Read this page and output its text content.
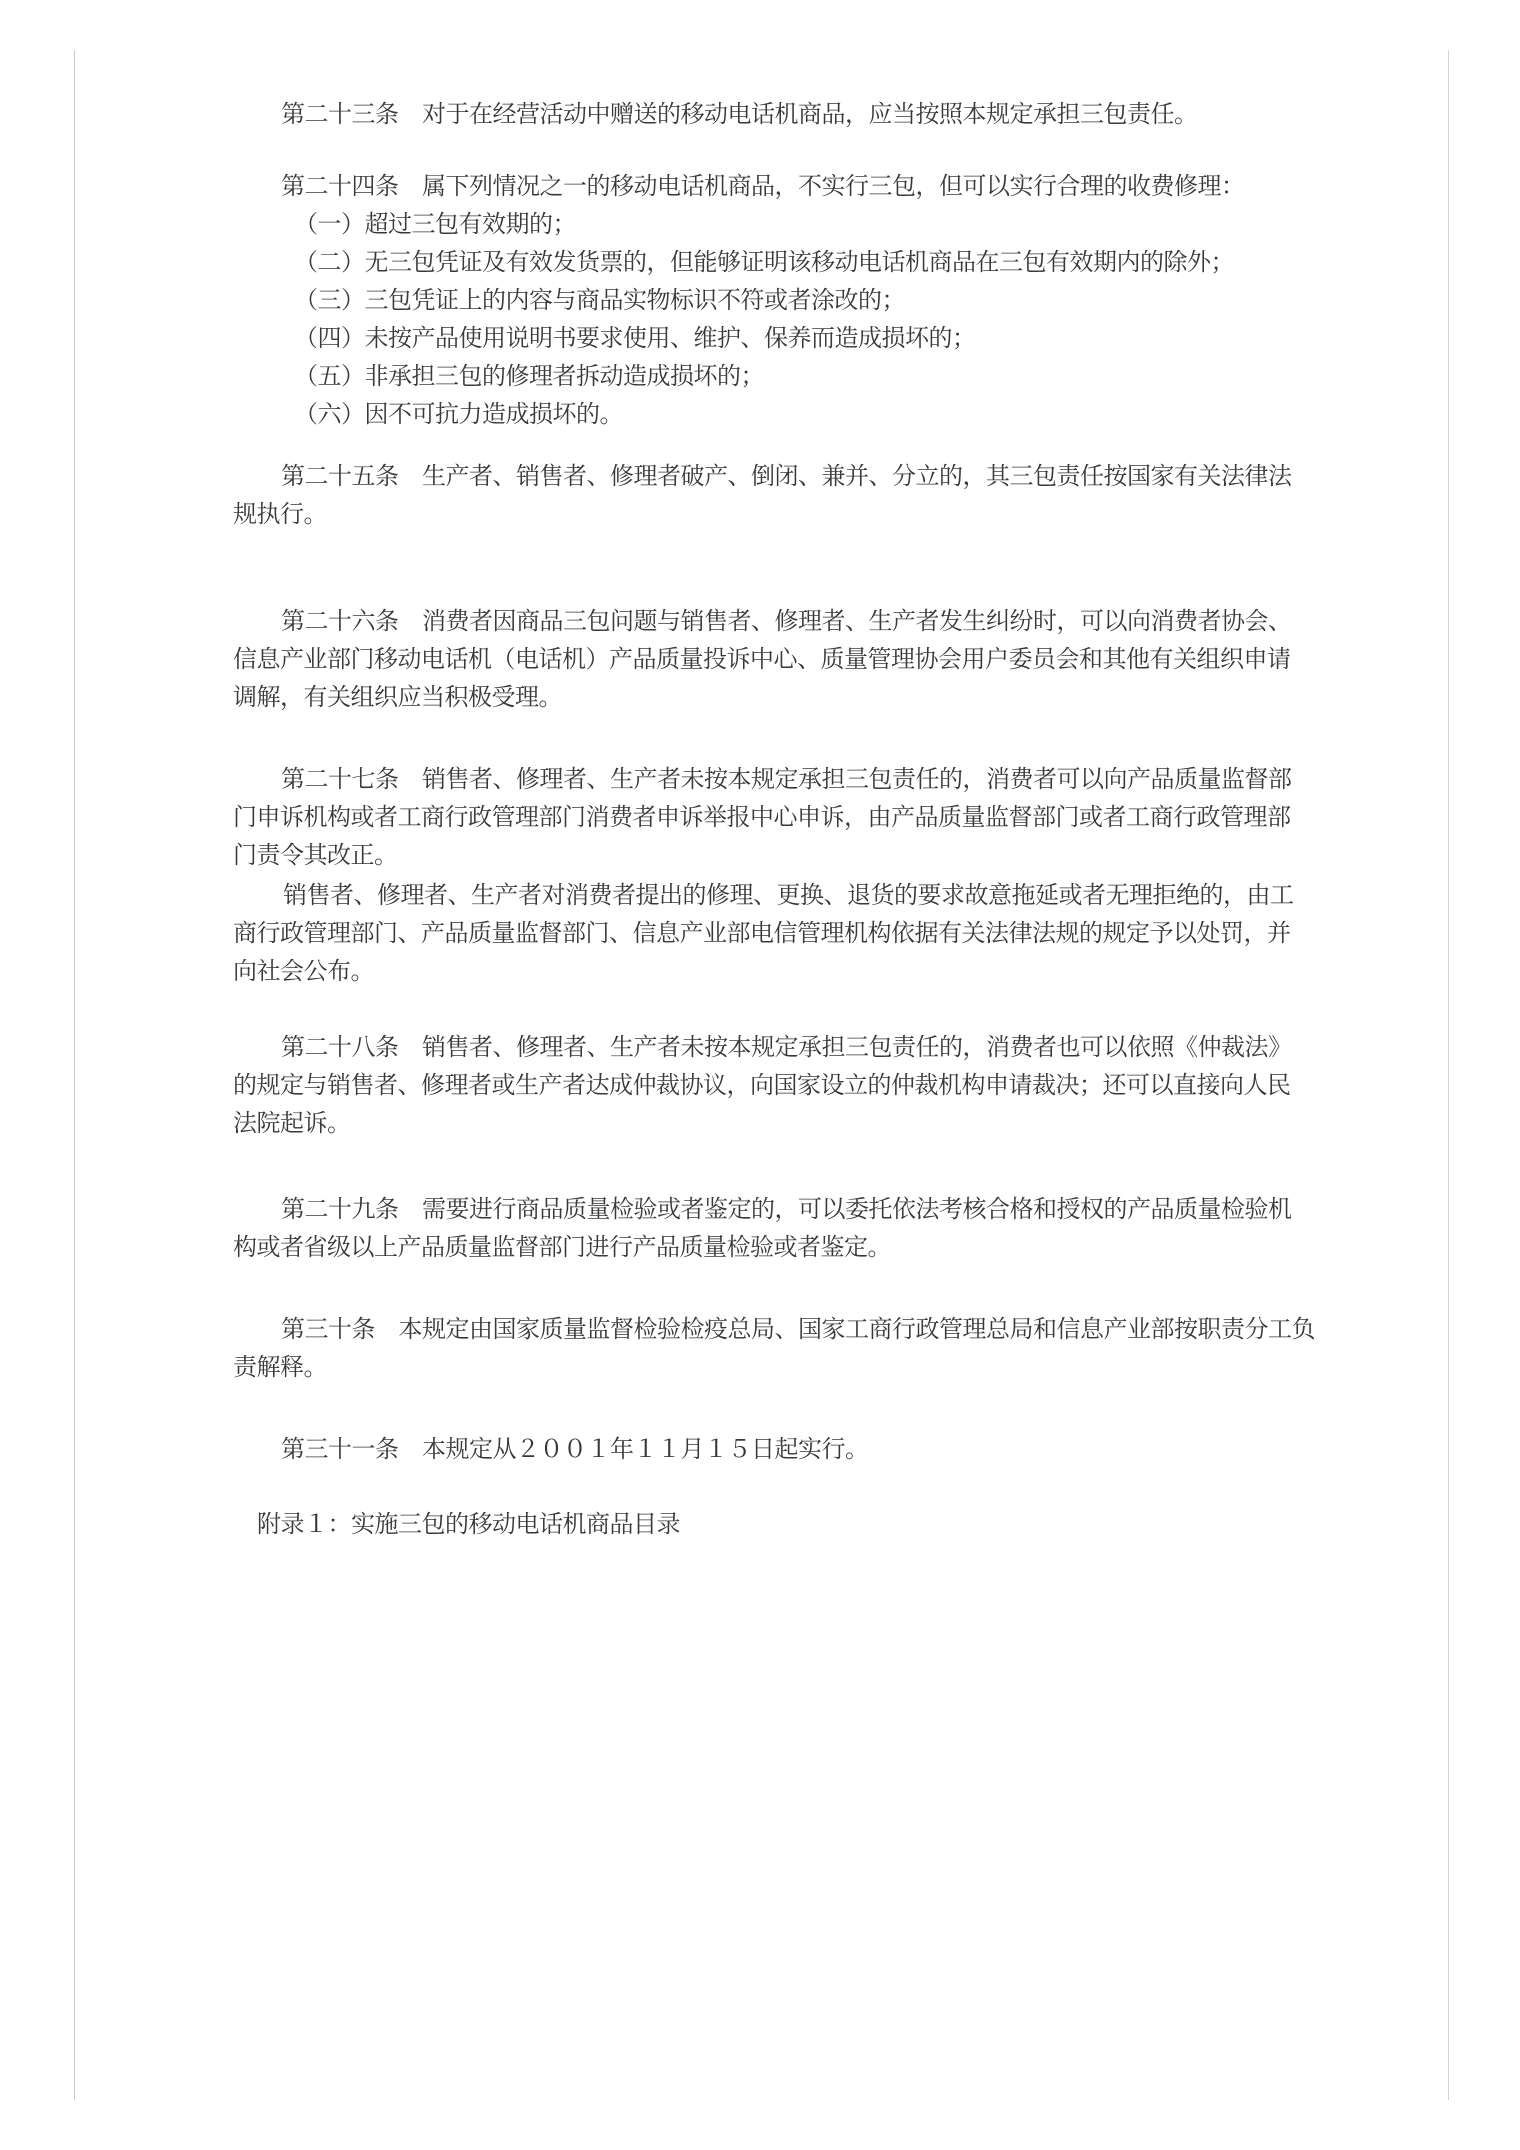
第二十三条　对于在经营活动中赠送的移动电话机商品，应当按照本规定承担三包责任。

第二十四条　属下列情况之一的移动电话机商品，不实行三包，但可以实行合理的收费修理：

（一）超过三包有效期的；

（二）无三包凭证及有效发货票的，但能够证明该移动电话机商品在三包有效期内的除外；

（三）三包凭证上的内容与商品实物标识不符或者涂改的；

（四）未按产品使用说明书要求使用、维护、保养而造成损坏的；

（五）非承担三包的修理者拆动造成损坏的；

（六）因不可抗力造成损坏的。

第二十五条　生产者、销售者、修理者破产、倒闭、兼并、分立的，其三包责任按国家有关法律法
规执行。

第二十六条　消费者因商品三包问题与销售者、修理者、生产者发生纠纷时，可以向消费者协会、
信息产业部门移动电话机（电话机）产品质量投诉中心、质量管理协会用户委员会和其他有关组织申请
调解，有关组织应当积极受理。

第二十七条　销售者、修理者、生产者未按本规定承担三包责任的，消费者可以向产品质量监督部
门申诉机构或者工商行政管理部门消费者申诉举报中心申诉，由产品质量监督部门或者工商行政管理部
门责令其改正。

销售者、修理者、生产者对消费者提出的修理、更换、退货的要求故意拖延或者无理拒绝的，由工
商行政管理部门、产品质量监督部门、信息产业部电信管理机构依据有关法律法规的规定予以处罚，并
向社会公布。

第二十八条　销售者、修理者、生产者未按本规定承担三包责任的，消费者也可以依照《仲裁法》
的规定与销售者、修理者或生产者达成仲裁协议，向国家设立的仲裁机构申请裁决；还可以直接向人民
法院起诉。

第二十九条　需要进行商品质量检验或者鉴定的，可以委托依法考核合格和授权的产品质量检验机
构或者省级以上产品质量监督部门进行产品质量检验或者鉴定。

第三十条　本规定由国家质量监督检验检疫总局、国家工商行政管理总局和信息产业部按职责分工负
责解释。

第三十一条　本规定从２００１年１１月１５日起实行。

附录１：实施三包的移动电话机商品目录
